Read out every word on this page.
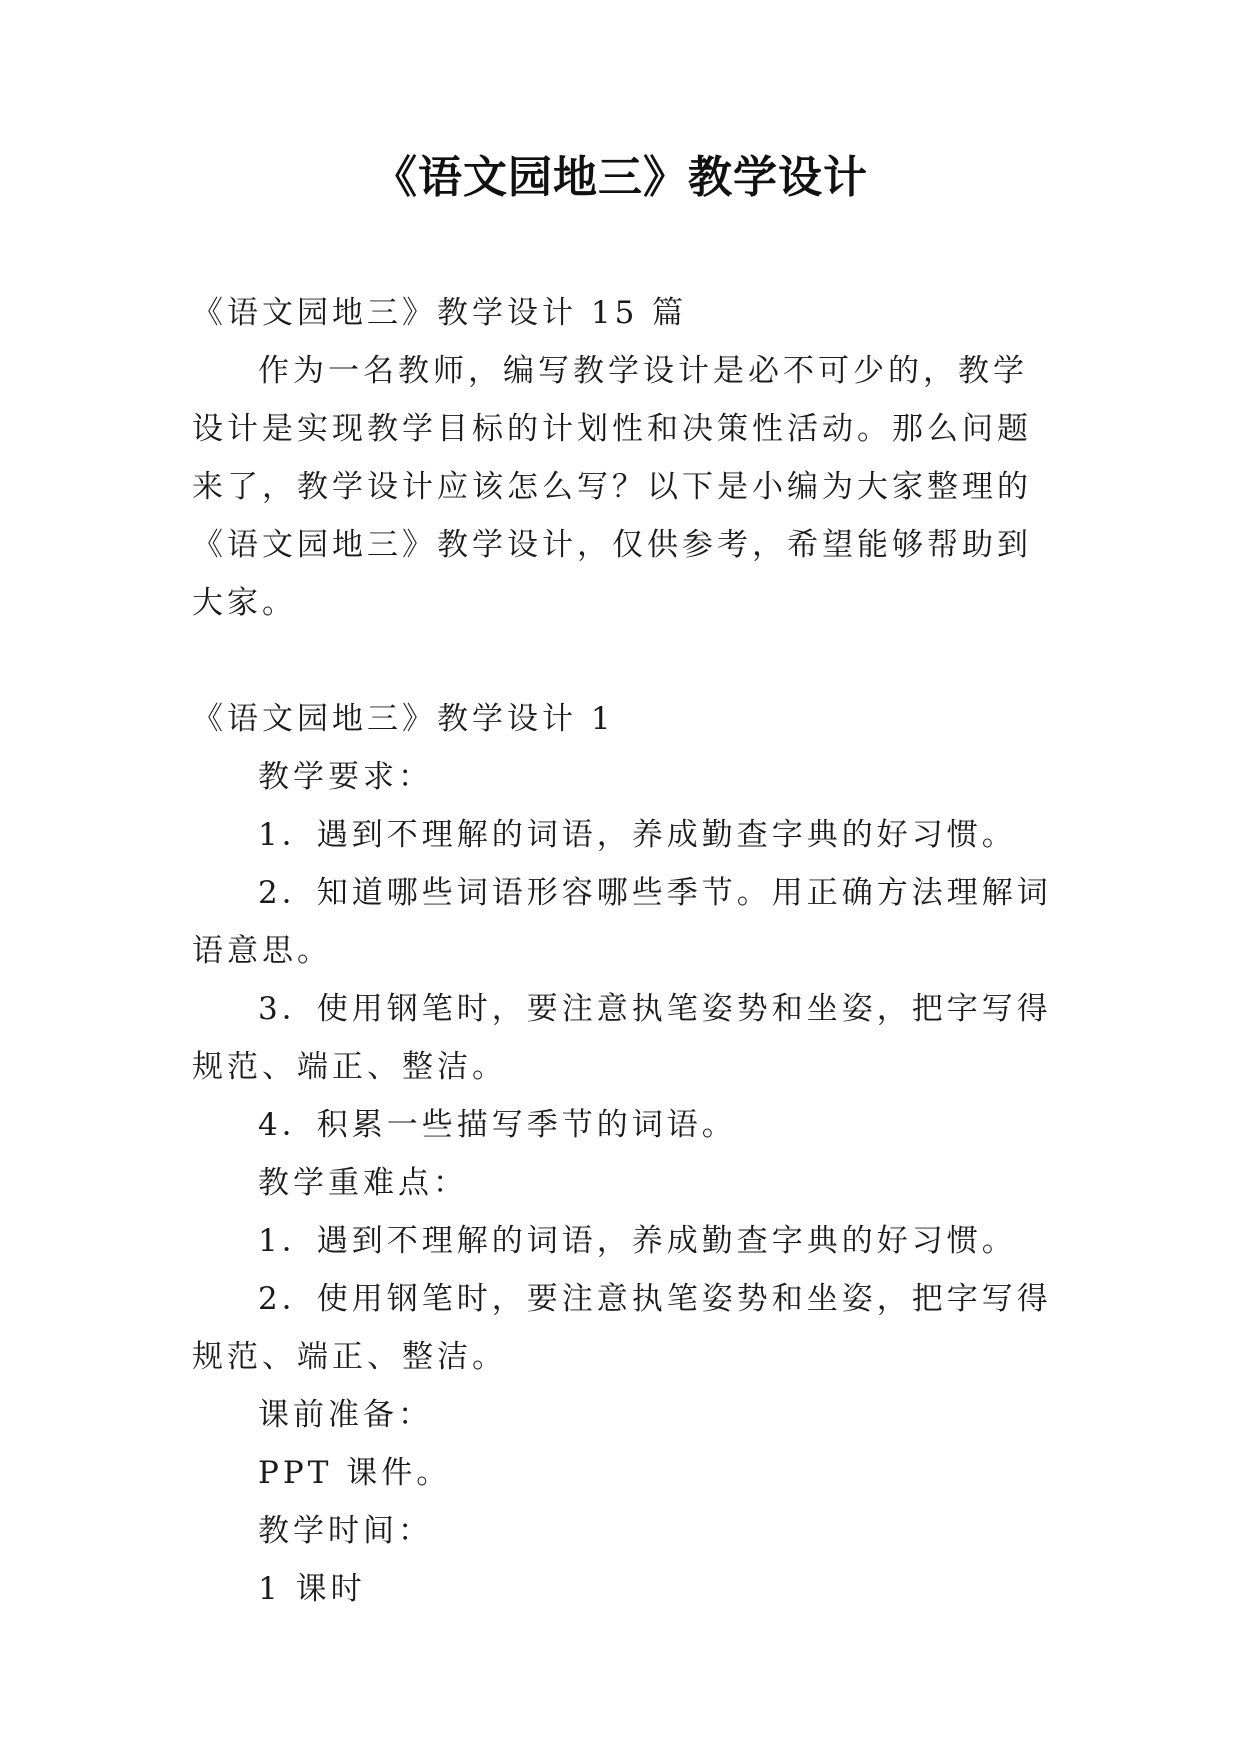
《语文园地三》教学设计

《语文园地三》教学设计 15 篇

作为一名教师，编写教学设计是必不可少的，教学设计是实现教学目标的计划性和决策性活动。那么问题来了，教学设计应该怎么写？以下是小编为大家整理的《语文园地三》教学设计，仅供参考，希望能够帮助到大家。

《语文园地三》教学设计 1

教学要求：

1．遇到不理解的词语，养成勤查字典的好习惯。

2．知道哪些词语形容哪些季节。用正确方法理解词语意思。

3．使用钢笔时，要注意执笔姿势和坐姿，把字写得规范、端正、整洁。

4．积累一些描写季节的词语。

教学重难点：

1．遇到不理解的词语，养成勤查字典的好习惯。

2．使用钢笔时，要注意执笔姿势和坐姿，把字写得规范、端正、整洁。

课前准备：

PPT 课件。

教学时间：

1 课时
